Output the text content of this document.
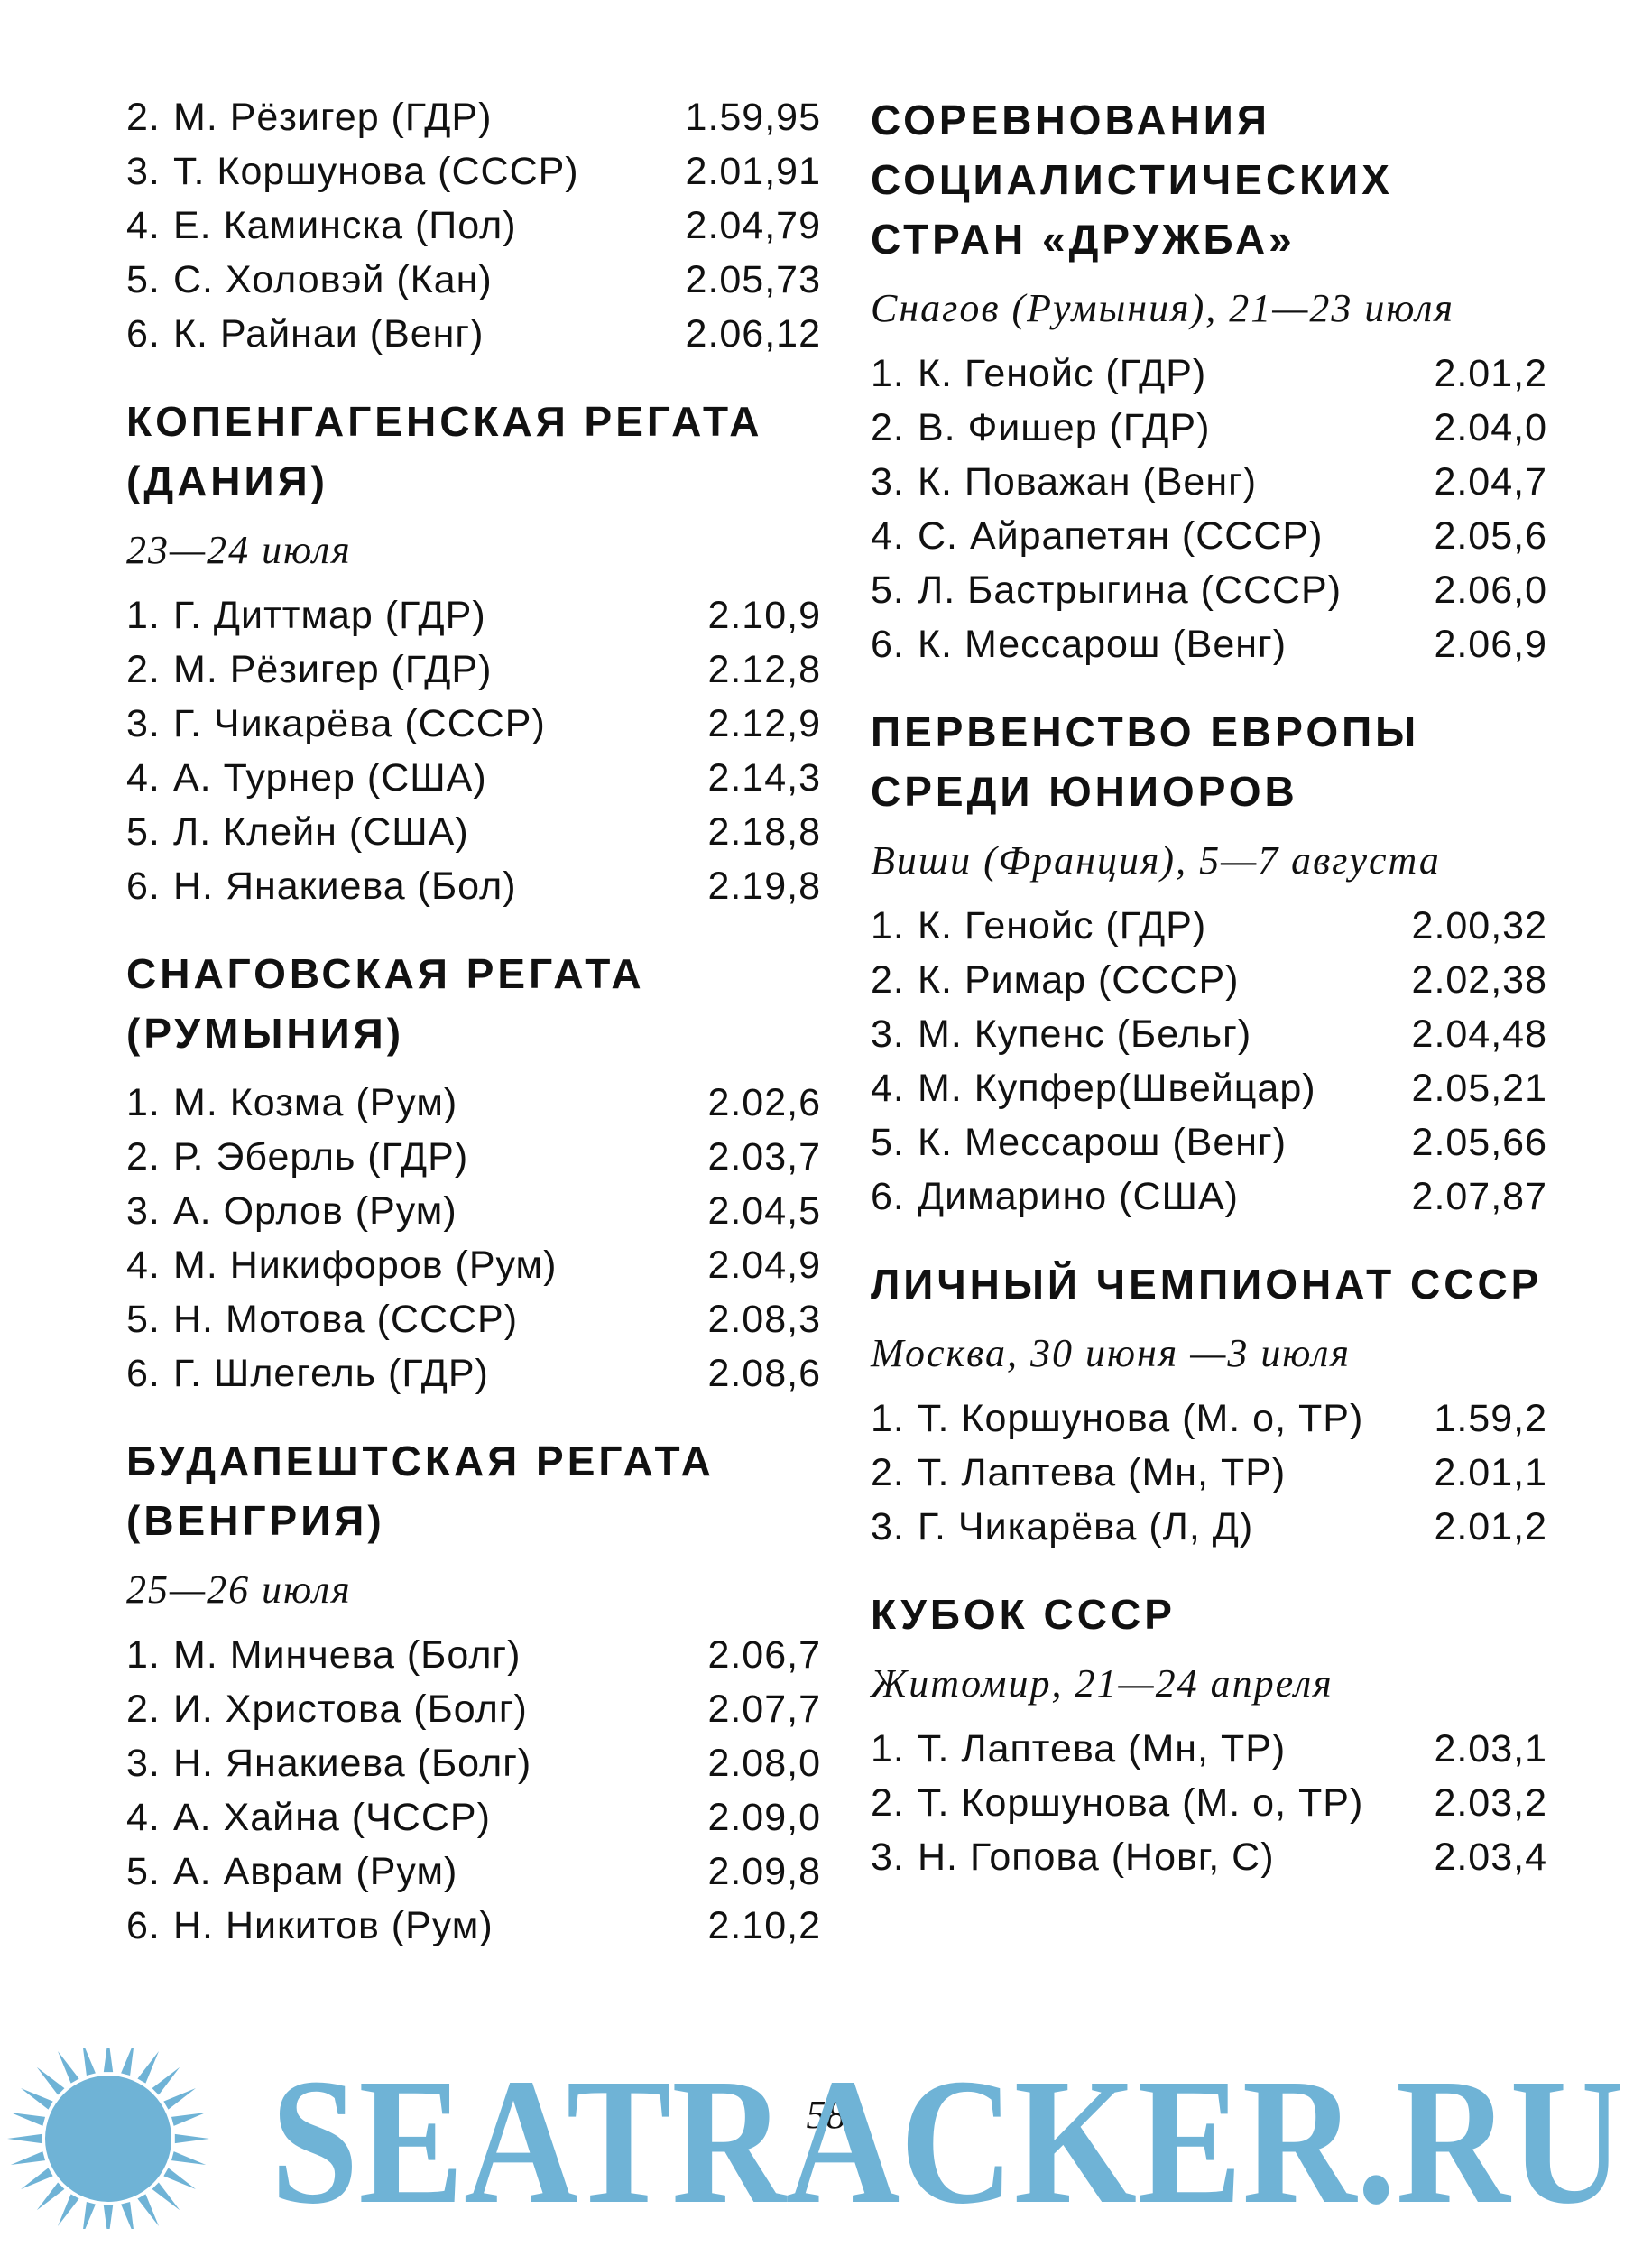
2. М. Рёзигер (ГДР)	1.59,95
3. Т. Коршунова (СССР)	2.01,91
4. Е. Каминска (Пол)	2.04,79
5. С. Холовэй (Кан)	2.05,73
6. К. Райнаи (Венг)	2.06,12
КОПЕНГАГЕНСКАЯ РЕГАТА (ДАНИЯ)
23—24 июля
1. Г. Диттмар (ГДР)	2.10,9
2. М. Рёзигер (ГДР)	2.12,8
3. Г. Чикарёва (СССР)	2.12,9
4. А. Турнер (США)	2.14,3
5. Л. Клейн (США)	2.18,8
6. Н. Янакиева (Бол)	2.19,8
СНАГОВСКАЯ РЕГАТА (РУМЫНИЯ)
1. М. Козма (Рум)	2.02,6
2. Р. Эберль (ГДР)	2.03,7
3. А. Орлов (Рум)	2.04,5
4. М. Никифоров (Рум)	2.04,9
5. Н. Мотова (СССР)	2.08,3
6. Г. Шлегель (ГДР)	2.08,6
БУДАПЕШТСКАЯ РЕГАТА (ВЕНГРИЯ)
25—26 июля
1. М. Минчева (Болг)	2.06,7
2. И. Христова (Болг)	2.07,7
3. Н. Янакиева (Болг)	2.08,0
4. А. Хайна (ЧССР)	2.09,0
5. А. Аврам (Рум)	2.09,8
6. Н. Никитов (Рум)	2.10,2
СОРЕВНОВАНИЯ СОЦИАЛИСТИЧЕСКИХ СТРАН «ДРУЖБА»
Снагов (Румыния), 21—23 июля
1. К. Генойс (ГДР)	2.01,2
2. В. Фишер (ГДР)	2.04,0
3. К. Поважан (Венг)	2.04,7
4. С. Айрапетян (СССР)	2.05,6
5. Л. Бастрыгина (СССР)	2.06,0
6. К. Мессарош (Венг)	2.06,9
ПЕРВЕНСТВО ЕВРОПЫ СРЕДИ ЮНИОРОВ
Виши (Франция), 5—7 августа
1. К. Генойс (ГДР)	2.00,32
2. К. Римар (СССР)	2.02,38
3. М. Купенс (Бельг)	2.04,48
4. М. Купфер(Швейцар)	2.05,21
5. К. Мессарош (Венг)	2.05,66
6. Димарино (США)	2.07,87
ЛИЧНЫЙ ЧЕМПИОНАТ СССР
Москва, 30 июня —3 июля
1. Т. Коршунова (М. о, ТР)	1.59,2
2. Т. Лаптева (Мн, ТР)	2.01,1
3. Г. Чикарёва (Л, Д)	2.01,2
КУБОК СССР
Житомир, 21—24 апреля
1. Т. Лаптева (Мн, ТР)	2.03,1
2. Т. Коршунова (М. о, ТР)	2.03,2
3. Н. Гопова (Новг, С)	2.03,4
58
SEATRACKER.RU
